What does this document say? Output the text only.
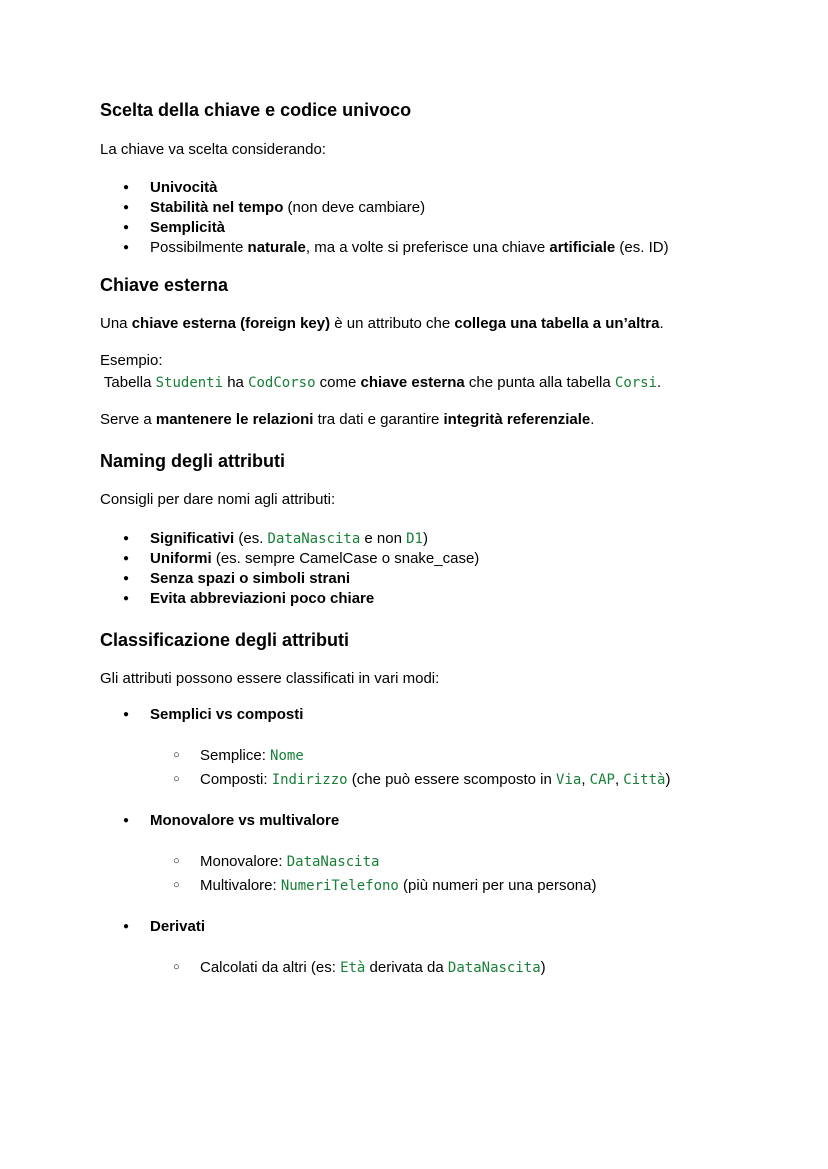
Scelta della chiave e codice univoco

La chiave va scelta considerando:

● Univocità
● Stabilità nel tempo (non deve cambiare)
● Semplicità
● Possibilmente naturale, ma a volte si preferisce una chiave artificiale (es. ID)
Chiave esterna

Una chiave esterna (foreign key) è un attributo che collega una tabella a un’altra.

Esempio:
Tabella Studenti ha CodCorso come chiave esterna che punta alla tabella Corsi.

Serve a mantenere le relazioni tra dati e garantire integrità referenziale.

Naming degli attributi

Consigli per dare nomi agli attributi:

● Significativi (es. DataNascita e non D1)
● Uniformi (es. sempre CamelCase o snake_case)
● Senza spazi o simboli strani
● Evita abbreviazioni poco chiare
Classificazione degli attributi

Gli attributi possono essere classificati in vari modi:

● Semplici vs composti
○ Semplice: Nome
○ Composti: Indirizzo (che può essere scomposto in Via, CAP, Città)
● Monovalore vs multivalore
○ Monovalore: DataNascita
○ Multivalore: NumeriTelefono (più numeri per una persona)
● Derivati
○ Calcolati da altri (es: Età derivata da DataNascita)
